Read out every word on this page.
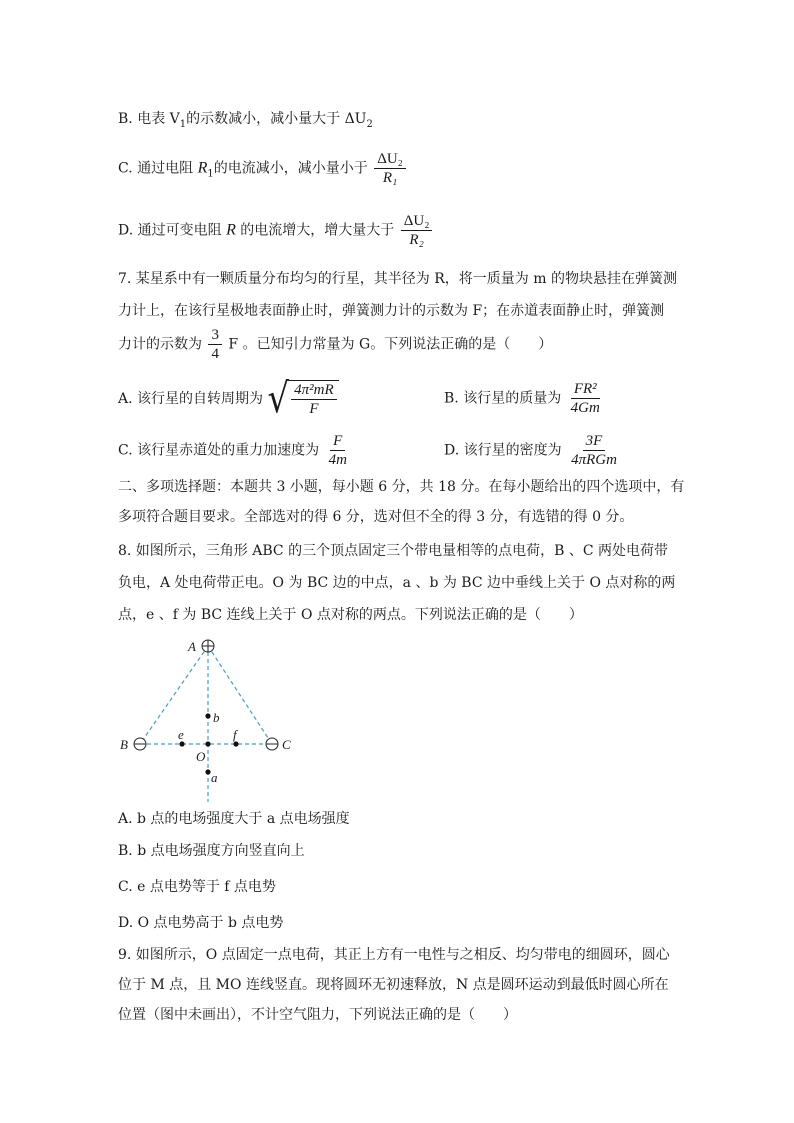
B. 电表 $V_1$的示数减小，减小量大于 $\Delta U_2$
C. 通过电阻 $R_1$的电流减小，减小量小于 $\frac{\text{ΔU₂}}{\text{R₁}}$
D. 通过可变电阻 R 的电流增大，增大量大于 $\frac{\text{ΔU₂}}{\text{R₂}}$
7. 某星系中有一颗质量分布均匀的行星，其半径为 R，将一质量为 m 的物块悬挂在弹簧测
力计上，在该行星极地表面静止时，弹簧测力计的示数为 F；在赤道表面静止时，弹簧测
力计的示数为 $\frac{3}{4}$ F 。已知引力常量为 G。下列说法正确的是（　　）
A. 该行星的自转周期为 √ $\frac{\text{4π²mR}}{F}$	B. 该行星的质量为 $\frac{\text{FR²}}{4Gm}$
C. 该行星赤道处的重力加速度为 $\frac{F}{4m}$	D. 该行星的密度为 $\frac{3F}{\text{4πRGm}}$
二、多项选择题：本题共 3 小题，每小题 6 分，共 18 分。在每小题给出的四个选项中，有
多项符合题目要求。全部选对的得 6 分，选对但不全的得 3 分，有选错的得 0 分。
8. 如图所示，三角形 ABC 的三个顶点固定三个带电量相等的点电荷，B 、C 两处电荷带
负电，A 处电荷带正电。O 为 BC 边的中点，a 、b 为 BC 边中垂线上关于 O 点对称的两
点，e 、f 为 BC 连线上关于 O 点对称的两点。下列说法正确的是（　　）
A
B	C
b
e	f
O
a
A. b 点的电场强度大于 a 点电场强度
B. b 点电场强度方向竖直向上
C. e 点电势等于 f 点电势
D. O 点电势高于 b 点电势
9. 如图所示，O 点固定一点电荷，其正上方有一电性与之相反、均匀带电的细圆环，圆心
位于 M 点，且 MO 连线竖直。现将圆环无初速释放，N 点是圆环运动到最低时圆心所在
位置（图中未画出），不计空气阻力，下列说法正确的是（　　）
